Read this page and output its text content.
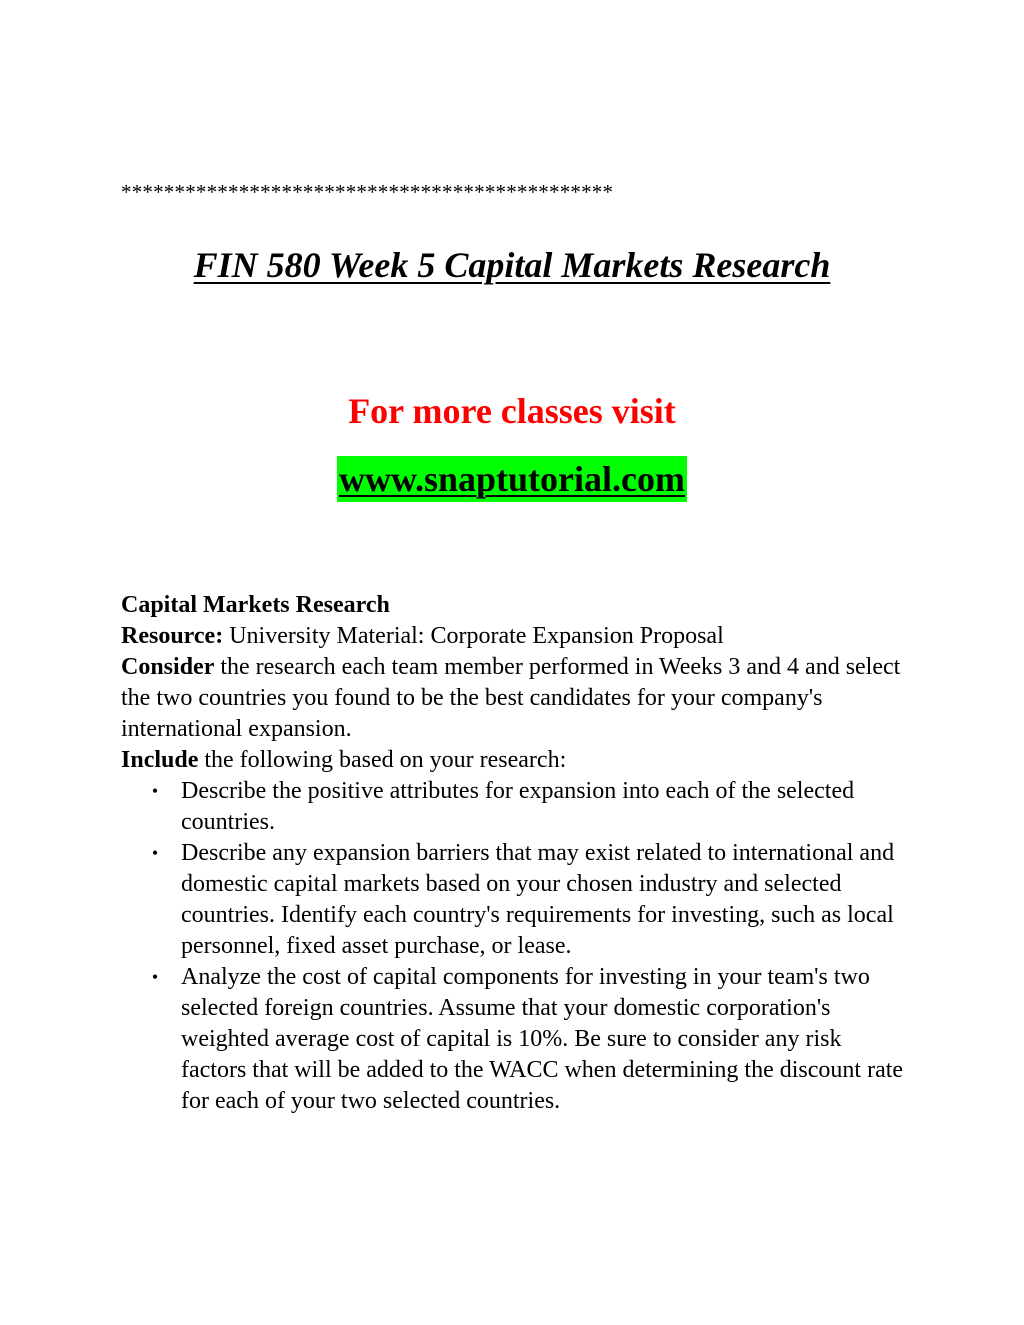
**********************************************
FIN 580 Week 5 Capital Markets Research

For more classes visit

www.snaptutorial.com

Capital Markets Research

Resource: University Material: Corporate Expansion Proposal

Consider the research each team member performed in Weeks 3 and 4 and select the two countries you found to be the best candidates for your company's international expansion.

Include the following based on your research:

• Describe the positive attributes for expansion into each of the selected countries.
• Describe any expansion barriers that may exist related to international and domestic capital markets based on your chosen industry and selected countries. Identify each country's requirements for investing, such as local personnel, fixed asset purchase, or lease.
• Analyze the cost of capital components for investing in your team's two selected foreign countries. Assume that your domestic corporation's weighted average cost of capital is 10%. Be sure to consider any risk factors that will be added to the WACC when determining the discount rate for each of your two selected countries.
